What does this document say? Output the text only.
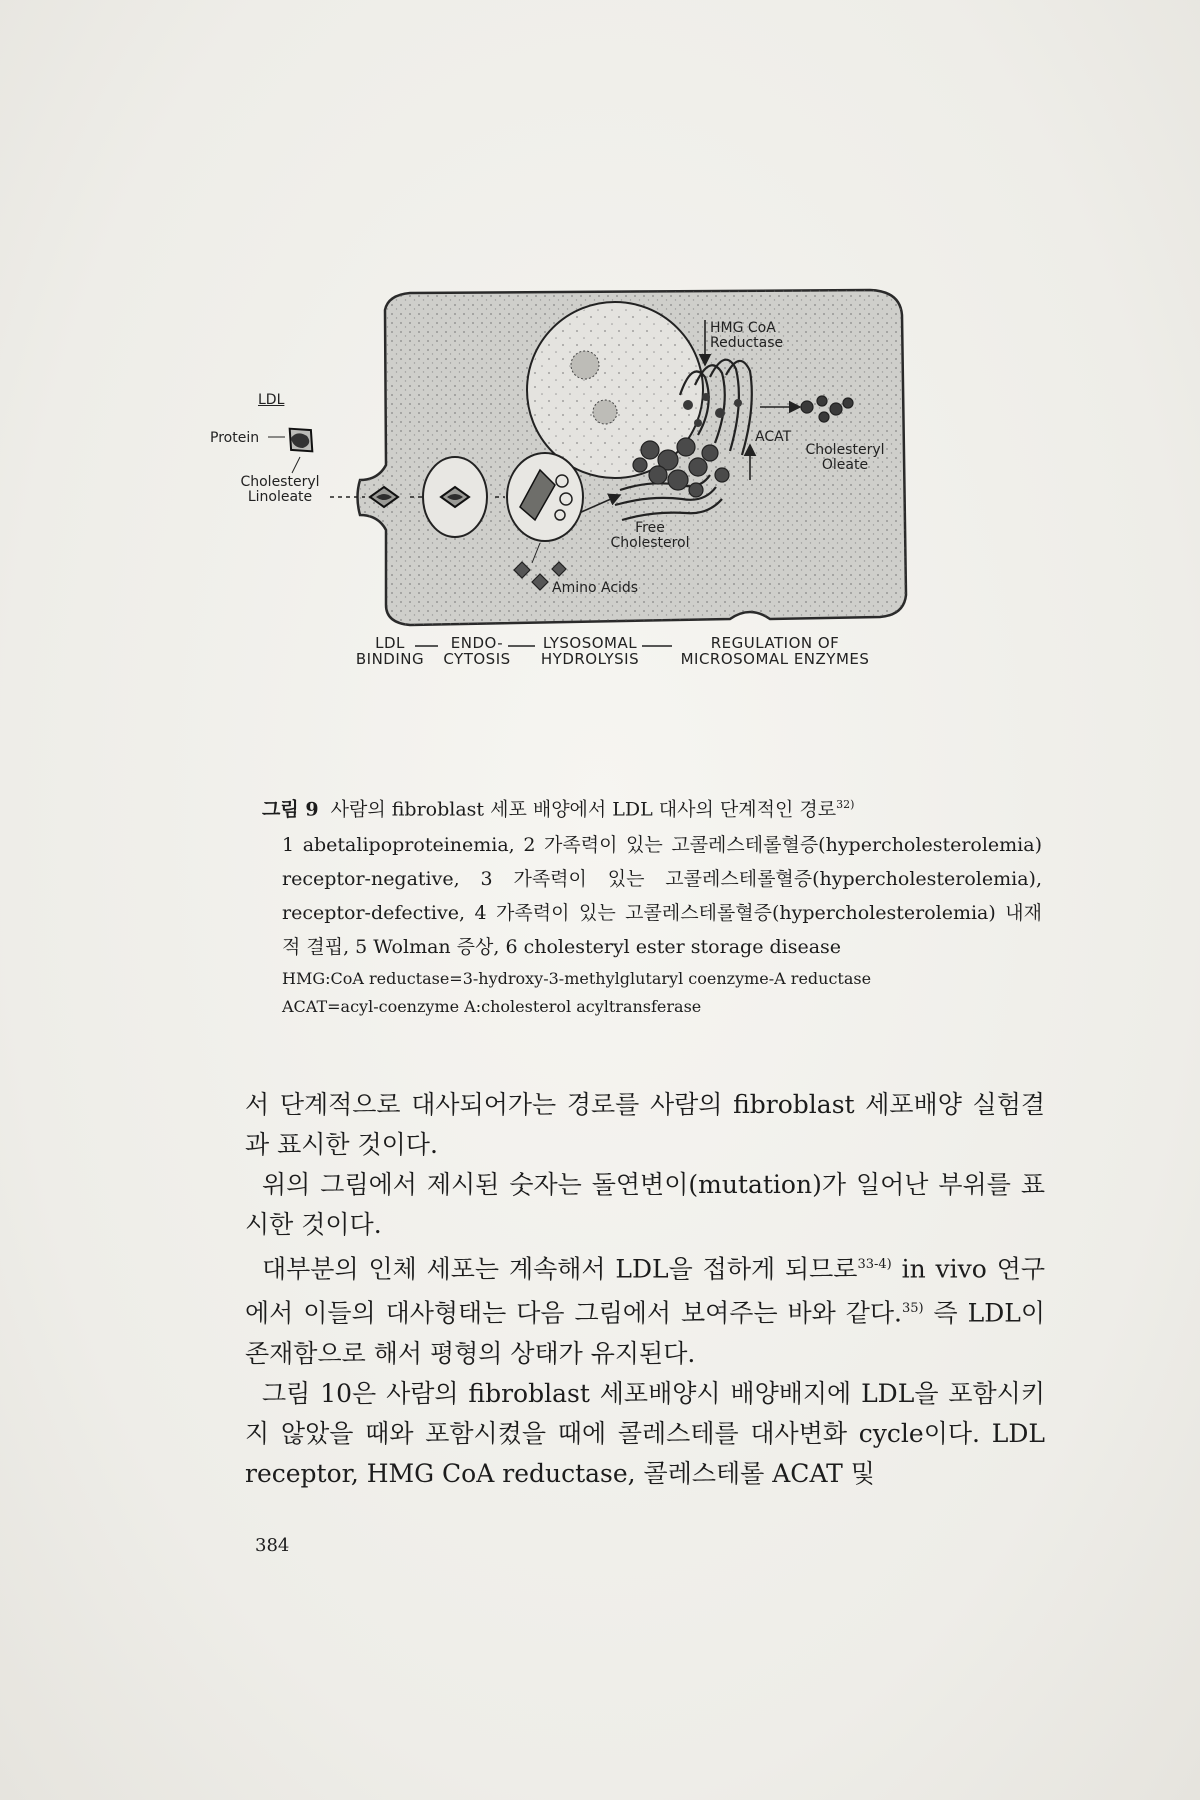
LDL
Protein
Cholesteryl
Linoleate
HMG CoA
Reductase
ACAT
Cholesteryl
Oleate
Free
Cholesterol
Amino Acids
LDL
BINDING
ENDO-
CYTOSIS
LYSOSOMAL
HYDROLYSIS
REGULATION OF
MICROSOMAL ENZYMES

그림 9 사람의 fibroblast 세포 배양에서 LDL 대사의 단계적인 경로$^{32)}$

1 abetalipoproteinemia, 2 가족력이 있는 고콜레스테롤혈증(hypercholesterolemia) receptor-negative, 3 가족력이 있는 고콜레스테롤혈증(hypercholesterolemia), receptor-defective, 4 가족력이 있는 고콜레스테롤혈증(hypercholesterolemia) 내재적 결핍, 5 Wolman 증상, 6 cholesteryl ester storage disease

HMG:CoA reductase=3-hydroxy-3-methylglutaryl coenzyme-A reductase

ACAT=acyl-coenzyme A:cholesterol acyltransferase

서 단계적으로 대사되어가는 경로를 사람의 fibroblast 세포배양 실험결과 표시한 것이다.

위의 그림에서 제시된 숫자는 돌연변이(mutation)가 일어난 부위를 표시한 것이다.

대부분의 인체 세포는 계속해서 LDL을 접하게 되므로$^{33-4)}$ in vivo 연구에서 이들의 대사형태는 다음 그림에서 보여주는 바와 같다.$^{35)}$ 즉 LDL이 존재함으로 해서 평형의 상태가 유지된다.

그림 10은 사람의 fibroblast 세포배양시 배양배지에 LDL을 포함시키지 않았을 때와 포함시켰을 때에 콜레스테를 대사변화 cycle이다. LDL receptor, HMG CoA reductase, 콜레스테롤 ACAT 및

384
